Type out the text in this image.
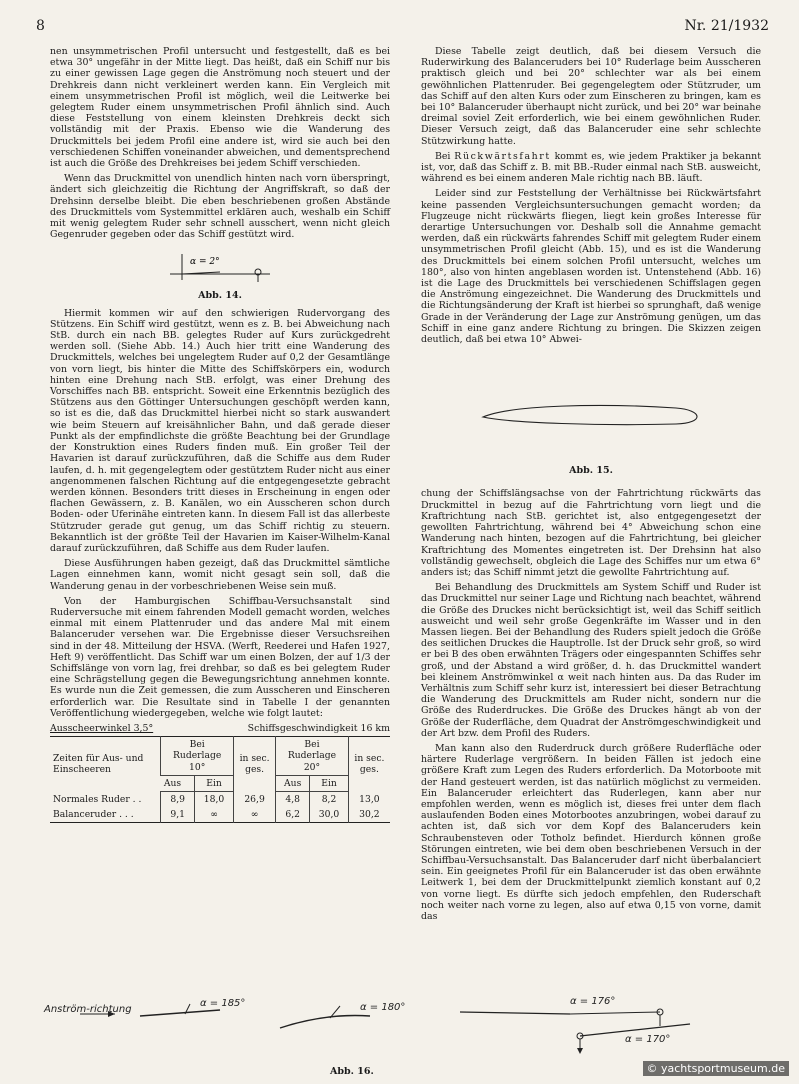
8	Nr. 21/1932

nen unsymmetrischen Profil untersucht und festgestellt, daß es bei etwa 30° ungefähr in der Mitte liegt. Das heißt, daß ein Schiff nur bis zu einer gewissen Lage gegen die Anströmung noch steuert und der Drehkreis dann nicht verkleinert werden kann. Ein Vergleich mit einem unsymmetrischen Profil ist möglich, weil die Leitwerke bei gelegtem Ruder einem unsymmetrischen Profil ähnlich sind. Auch diese Feststellung von einem kleinsten Drehkreis deckt sich vollständig mit der Praxis. Ebenso wie die Wanderung des Druckmittels bei jedem Profil eine andere ist, wird sie auch bei den verschiedenen Schiffen voneinander abweichen, und dementsprechend ist auch die Größe des Drehkreises bei jedem Schiff verschieden.

Wenn das Druckmittel von unendlich hinten nach vorn überspringt, ändert sich gleichzeitig die Richtung der Angriffskraft, so daß der Drehsinn derselbe bleibt. Die eben beschriebenen großen Abstände des Druckmittels vom Systemmittel erklären auch, weshalb ein Schiff mit wenig gelegtem Ruder sehr schnell ausschert, wenn nicht gleich Gegenruder gegeben oder das Schiff gestützt wird.

α = 2°
Abb. 14.

Hiermit kommen wir auf den schwierigen Rudervorgang des Stützens. Ein Schiff wird gestützt, wenn es z. B. bei Abweichung nach StB. durch ein nach BB. gelegtes Ruder auf Kurs zurückgedreht werden soll. (Siehe Abb. 14.) Auch hier tritt eine Wanderung des Druckmittels, welches bei ungelegtem Ruder auf 0,2 der Gesamtlänge von vorn liegt, bis hinter die Mitte des Schiffskörpers ein, wodurch hinten eine Drehung nach StB. erfolgt, was einer Drehung des Vorschiffes nach BB. entspricht. Soweit eine Erkenntnis bezüglich des Stützens aus den Göttinger Untersuchungen geschöpft werden kann, so ist es die, daß das Druckmittel hierbei nicht so stark auswandert wie beim Steuern auf kreisähnlicher Bahn, und daß gerade dieser Punkt als der empfindlichste die größte Beachtung bei der Grundlage der Konstruktion eines Ruders finden muß. Ein großer Teil der Havarien ist darauf zurückzuführen, daß die Schiffe aus dem Ruder laufen, d. h. mit gegengelegtem oder gestütztem Ruder nicht aus einer angenommenen falschen Richtung auf die entgegengesetzte gebracht werden können. Besonders tritt dieses in Erscheinung in engen oder flachen Gewässern, z. B. Kanälen, wo ein Ausscheren schon durch Boden- oder Uferinähe eintreten kann. In diesem Fall ist das allerbeste Stützruder gerade gut genug, um das Schiff richtig zu steuern. Bekanntlich ist der größte Teil der Havarien im Kaiser-Wilhelm-Kanal darauf zurückzuführen, daß Schiffe aus dem Ruder laufen.

Diese Ausführungen haben gezeigt, daß das Druckmittel sämtliche Lagen einnehmen kann, womit nicht gesagt sein soll, daß die Wanderung genau in der vorbeschriebenen Weise sein muß.

Von der Hamburgischen Schiffbau-Versuchsanstalt sind Ruderversuche mit einem fahrenden Modell gemacht worden, welches einmal mit einem Plattenruder und das andere Mal mit einem Balanceruder versehen war. Die Ergebnisse dieser Versuchsreihen sind in der 48. Mitteilung der HSVA. (Werft, Reederei und Hafen 1927, Heft 9) veröffentlicht. Das Schiff war um einen Bolzen, der auf 1/3 der Schiffslänge von vorn lag, frei drehbar, so daß es bei gelegtem Ruder eine Schrägstellung gegen die Bewegungsrichtung annehmen konnte. Es wurde nun die Zeit gemessen, die zum Ausscheren und Einscheren erforderlich war. Die Resultate sind in Tabelle I der genannten Veröffentlichung wiedergegeben, welche wie folgt lautet:

Ausscheerwinkel 3,5°	Schiffsgeschwindigkeit 16 km
Zeiten für Aus- und Einscheeren	Bei Ruderlage 10°		in sec. ges.	Bei Ruderlage 20°		in sec. ges.
	Aus	Ein		Aus	Ein	
Normales Ruder . .	8,9	18,0	26,9	4,8	8,2	13,0
Balanceruder . . .	9,1	∞	∞	6,2	30,0	30,2

Diese Tabelle zeigt deutlich, daß bei diesem Versuch die Ruderwirkung des Balanceruders bei 10° Ruderlage beim Ausscheren praktisch gleich und bei 20° schlechter war als bei einem gewöhnlichen Plattenruder. Bei gegengelegtem oder Stützruder, um das Schiff auf den alten Kurs oder zum Einscheren zu bringen, kam es bei 10° Balanceruder überhaupt nicht zurück, und bei 20° war beinahe dreimal soviel Zeit erforderlich, wie bei einem gewöhnlichen Ruder. Dieser Versuch zeigt, daß das Balanceruder eine sehr schlechte Stützwirkung hatte.

Bei Rückwärtsfahrt kommt es, wie jedem Praktiker ja bekannt ist, vor, daß das Schiff z. B. mit BB.-Ruder einmal nach StB. ausweicht, während es bei einem anderen Male richtig nach BB. läuft.

Leider sind zur Feststellung der Verhältnisse bei Rückwärtsfahrt keine passenden Vergleichsuntersuchungen gemacht worden; da Flugzeuge nicht rückwärts fliegen, liegt kein großes Interesse für derartige Untersuchungen vor. Deshalb soll die Annahme gemacht werden, daß ein rückwärts fahrendes Schiff mit gelegtem Ruder einem unsymmetrischen Profil gleicht (Abb. 15), und es ist die Wanderung des Druckmittels bei einem solchen Profil untersucht, welches um 180°, also von hinten angeblasen worden ist. Untenstehend (Abb. 16) ist die Lage des Druckmittels bei verschiedenen Schiffslagen gegen die Anströmung eingezeichnet. Die Wanderung des Druckmittels und die Richtungsänderung der Kraft ist hierbei so sprunghaft, daß wenige Grade in der Veränderung der Lage zur Anströmung genügen, um das Schiff in eine ganz andere Richtung zu bringen. Die Skizzen zeigen deutlich, daß bei etwa 10° Abwei-

Abb. 15.

chung der Schiffslängsachse von der Fahrtrichtung rückwärts das Druckmittel in bezug auf die Fahrtrichtung vorn liegt und die Kraftrichtung nach StB. gerichtet ist, also entgegengesetzt der gewollten Fahrtrichtung, während bei 4° Abweichung schon eine Wanderung nach hinten, bezogen auf die Fahrtrichtung, bei gleicher Kraftrichtung des Momentes eingetreten ist. Der Drehsinn hat also vollständig gewechselt, obgleich die Lage des Schiffes nur um etwa 6° anders ist; das Schiff nimmt jetzt die gewollte Fahrtrichtung auf.

Bei Behandlung des Druckmittels am System Schiff und Ruder ist das Druckmittel nur seiner Lage und Richtung nach beachtet, während die Größe des Druckes nicht berücksichtigt ist, weil das Schiff seitlich ausweicht und weil sehr große Gegenkräfte im Wasser und in den Massen liegen. Bei der Behandlung des Ruders spielt jedoch die Größe des seitlichen Druckes die Hauptrolle. Ist der Druck sehr groß, so wird er bei B des oben erwähnten Trägers oder eingespannten Schiffes sehr groß, und der Abstand a wird größer, d. h. das Druckmittel wandert bei kleinem Anströmwinkel α weit nach hinten aus. Da das Ruder im Verhältnis zum Schiff sehr kurz ist, interessiert bei dieser Betrachtung die Wanderung des Druckmittels am Ruder nicht, sondern nur die Größe des Ruderdruckes. Die Größe des Druckes hängt ab von der Größe der Ruderfläche, dem Quadrat der Anströmgeschwindigkeit und der Art bzw. dem Profil des Ruders.

Man kann also den Ruderdruck durch größere Ruderfläche oder härtere Ruderlage vergrößern. In beiden Fällen ist jedoch eine größere Kraft zum Legen des Ruders erforderlich. Da Motorboote mit der Hand gesteuert werden, ist das natürlich möglichst zu vermeiden. Ein Balanceruder erleichtert das Ruderlegen, kann aber nur empfohlen werden, wenn es möglich ist, dieses frei unter dem flach auslaufenden Boden eines Motorbootes anzubringen, wobei darauf zu achten ist, daß sich vor dem Kopf des Balanceruders kein Schraubensteven oder Totholz befindet. Hierdurch können große Störungen eintreten, wie bei dem oben beschriebenen Versuch in der Schiffbau-Versuchsanstalt. Das Balanceruder darf nicht überbalanciert sein. Ein geeignetes Profil für ein Balanceruder ist das oben erwähnte Leitwerk 1, bei dem der Druckmittelpunkt ziemlich konstant auf 0,2 von vorne liegt. Es dürfte sich jedoch empfehlen, den Ruderschaft noch weiter nach vorne zu legen, also auf etwa 0,15 von vorne, damit das

Anström-richtung
α = 185°	α = 180°
α = 176°
α = 170°
Abb. 16.	© yachtsportmuseum.de
